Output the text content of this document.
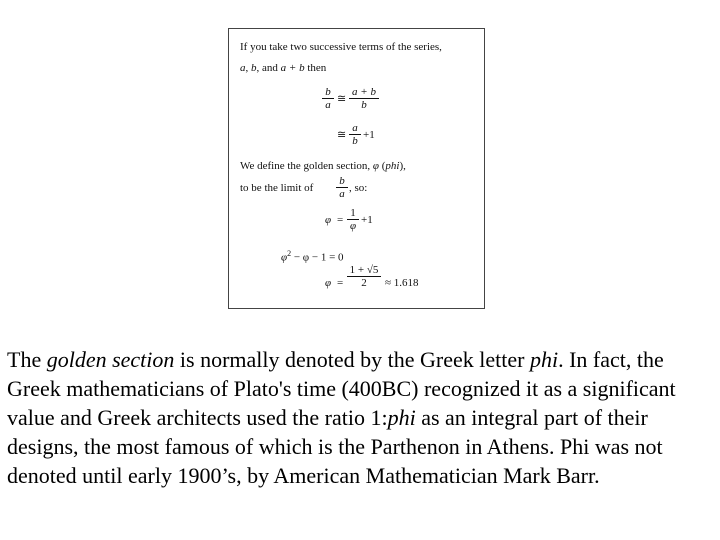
If you take two successive terms of the series,
a, b, and a + b then
b
a ≅
a + b
b
≅
a
b +1
We define the golden section, φ (phi),
to be the limit of
b
a , so:
φ =
1
φ +1
$\varphi^2 - \varphi - 1 = 0$
φ =
1 + √5
2	≈ 1.618

The golden section is normally denoted by the Greek letter phi. In fact, the Greek mathematicians of Plato's time (400BC) recognized it as a significant value and Greek architects used the ratio 1:phi as an integral part of their designs, the most famous of which is the Parthenon in Athens. Phi was not denoted until early 1900’s, by American Mathematician Mark Barr.
